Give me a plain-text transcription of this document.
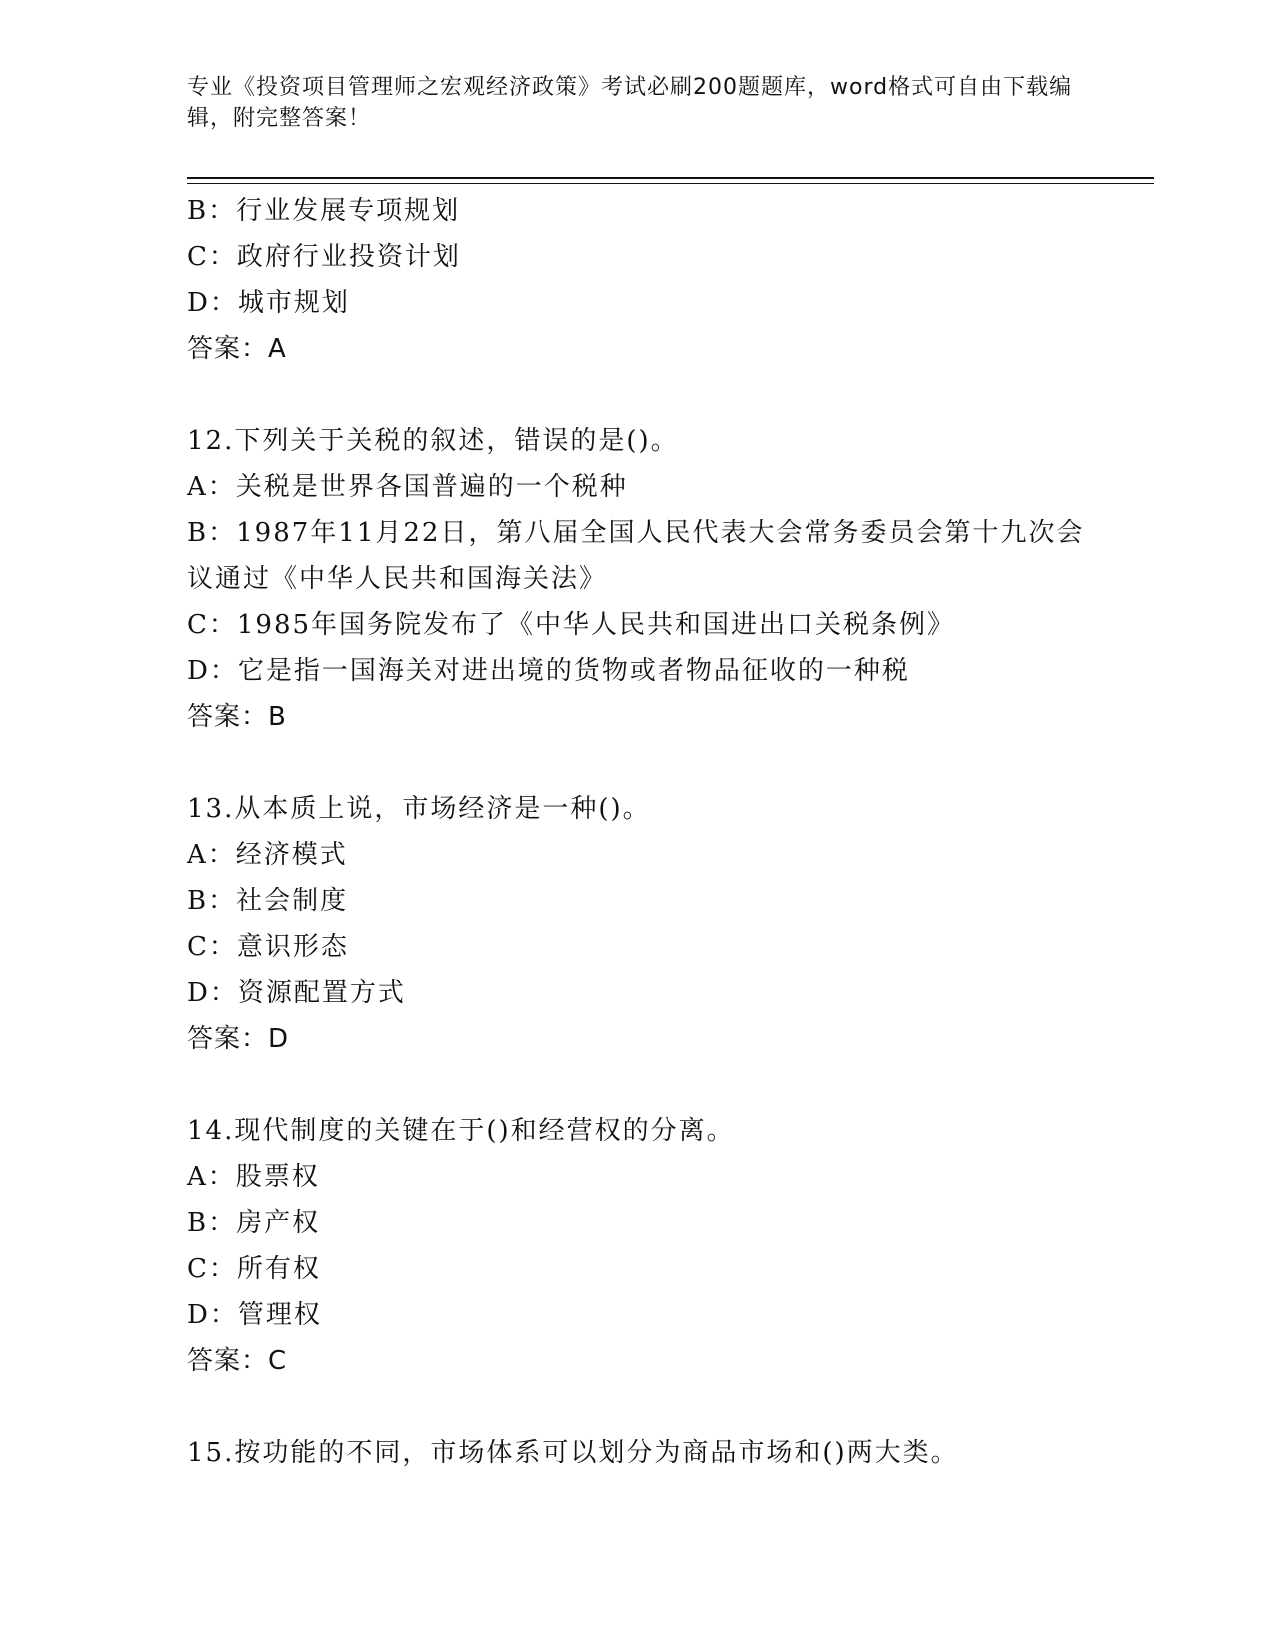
专业《投资项目管理师之宏观经济政策》考试必刷200题题库，word格式可自由下载编辑，附完整答案！
B：行业发展专项规划
C：政府行业投资计划
D：城市规划
答案：A
12.下列关于关税的叙述，错误的是()。
A：关税是世界各国普遍的一个税种
B：1987年11月22日，第八届全国人民代表大会常务委员会第十九次会议通过《中华人民共和国海关法》
C：1985年国务院发布了《中华人民共和国进出口关税条例》
D：它是指一国海关对进出境的货物或者物品征收的一种税
答案：B
13.从本质上说，市场经济是一种()。
A：经济模式
B：社会制度
C：意识形态
D：资源配置方式
答案：D
14.现代制度的关键在于()和经营权的分离。
A：股票权
B：房产权
C：所有权
D：管理权
答案：C
15.按功能的不同，市场体系可以划分为商品市场和()两大类。
